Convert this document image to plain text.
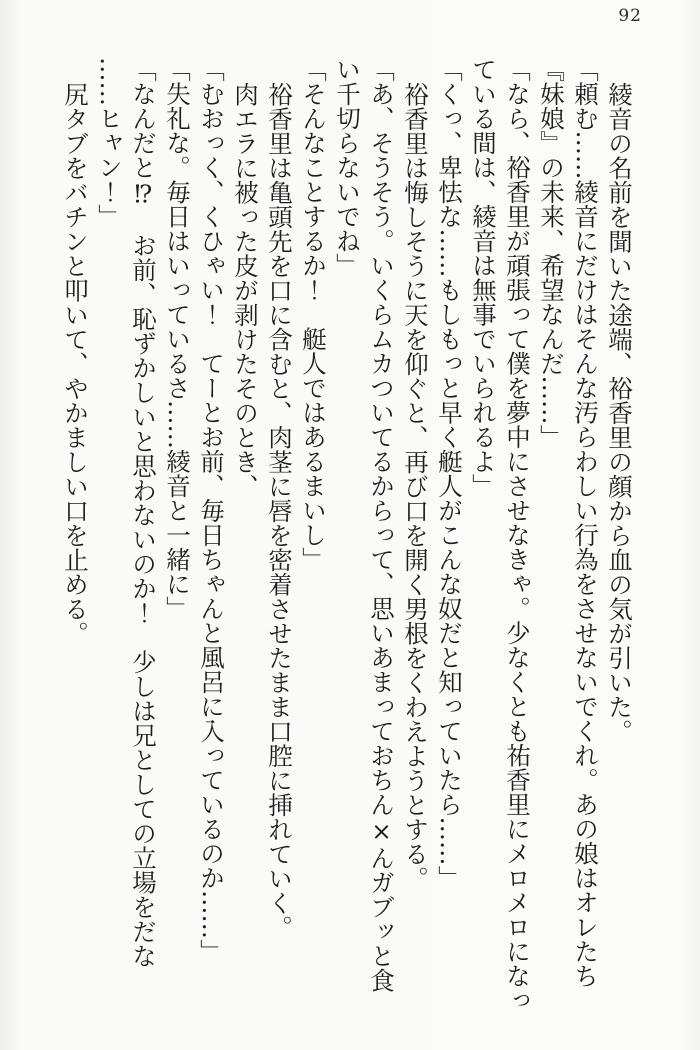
92

綾音の名前を聞いた途端、裕香里の顔から血の気が引いた。

「頼む……綾音にだけはそんな汚らわしい行為をさせないでくれ。あの娘はオレたち

『妹娘』の未来、希望なんだ……」

「なら、裕香里が頑張って僕を夢中にさせなきゃ。少なくとも祐香里にメロメロになっ

ている間は、綾音は無事でいられるよ」

「くっ、卑怯な……もしもっと早く艇人がこんな奴だと知っていたら……」

裕香里は悔しそうに天を仰ぐと、再び口を開く男根をくわえようとする。

「あ、そうそう。いくらムカついてるからって、思いあまっておちん×んガブッと食

い千切らないでね」

「そんなことするか！　艇人ではあるまいし」

裕香里は亀頭先を口に含むと、肉茎に唇を密着させたまま口腔に挿れていく。

肉エラに被った皮が剥けたそのとき、

「むおっく、くひゃい！　てーとお前、毎日ちゃんと風呂に入っているのか……」

「失礼な。毎日はいっているさ……綾音と一緒に」

「なんだと⁉　お前、恥ずかしいと思わないのか！　少しは兄としての立場をだな

……ヒャン！」

尻タブをバチンと叩いて、やかましい口を止める。
